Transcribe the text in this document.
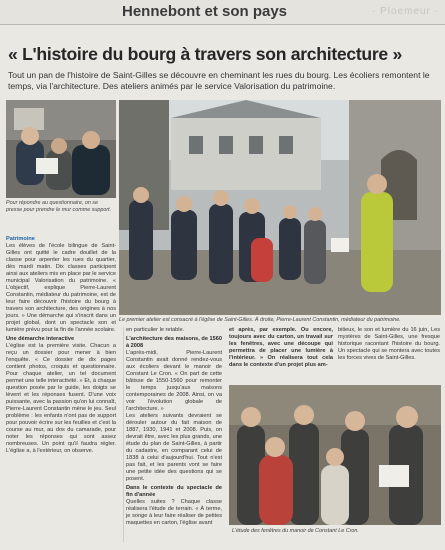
Hennebont et son pays	· Ploemeur ·
« L'histoire du bourg à travers son architecture »
Tout un pan de l'histoire de Saint-Gilles se découvre en cheminant les rues du bourg. Les écoliers remontent le temps, via l'architecture. Des ateliers animés par le service Valorisation du patrimoine.
Pour répondre au questionnaire, on se presse pour prendre le mur comme support.
Le premier atelier est consacré à l'église de Saint-Gilles. À droite, Pierre-Laurent Constantin, médiateur du patrimoine.
Patrimoine
Les élèves de l'école bilingue de Saint-Gilles ont quitté le cadre douillet de la classe pour arpenter les rues du quartier, dès mardi matin. Dix classes participent ainsi aux ateliers mis en place par le service municipal Valorisation du patrimoine. « L'objectif, explique Pierre-Laurent Constantin, médiateur du patrimoine, est de leur faire découvrir l'histoire du bourg à travers son architecture, des origines à nos jours. » Une démarche qui s'inscrit dans un projet global, dont un spectacle son et lumière prévu pour la fin de l'année scolaire.
Une démarche interactive
L'église est la première visite. Chacun a reçu un dossier pour mener à bien l'enquête. « Ce dossier de dix pages contient photos, croquis et questionnaire. Pour chaque atelier, un tel document permet une telle interactivité. » Et, à chaque question posée par le guide, les doigts se lèvent et les réponses fusent. D'une voix puissante, avec la passion qu'on lui connaît, Pierre-Laurent Constantin mène le jeu. Seul problème : les enfants n'ont pas de support pour pouvoir écrire sur les feuilles et c'est la course au mur, au dos du camarade, pour noter les réponses qui sont assez nombreuses. Un point qu'il faudra régler. L'église a, à l'extérieur, on observe.
en particulier le retable.
L'architecture des maisons, de 1560 à 2008
L'après-midi, Pierre-Laurent Constantin avait donné rendez-vous aux écoliers devant le manoir de Constant Le Cron. « On part de cette bâtisse de 1550-1560 pour remonter le temps jusqu'aux maisons contemporaines de 2008. Ainsi, on va voir l'évolution globale de l'architecture. »
Les ateliers suivants devraient se dérouler autour du fait maison de 1887, 1930, 1941 et 2008. Puis, on devrait être, avec les plus grands, une étude du plan de Saint-Gilles, à partir du cadastre, en comparant celui de 1838 à celui d'aujourd'hui. Tout n'est pas fait, et les parents vont se faire une petite idée des questions qui se posent.
Dans le contexte du spectacle de fin d'année
Quelles suites ? Chaque classe réalisera l'étude de terrain. « À terme, je songe à leur faire réaliser de petites maquettes en carton, l'église avant
et après, par exemple. Ou encore, toujours avec du carton, un travail sur les fenêtres, avec une découpe qui permettra de placer une lumière à l'intérieur. » On réalisera tout cela dans le contexte d'un projet plus am-
bitieux, le son et lumière du 16 juin, Les mystères de Saint-Gilles, une fresque historique racontant l'histoire du bourg. Un spectacle qui se montera avec toutes les forces vives de Saint-Gilles.
L'étude des fenêtres du manoir de Constant Le Cron.
